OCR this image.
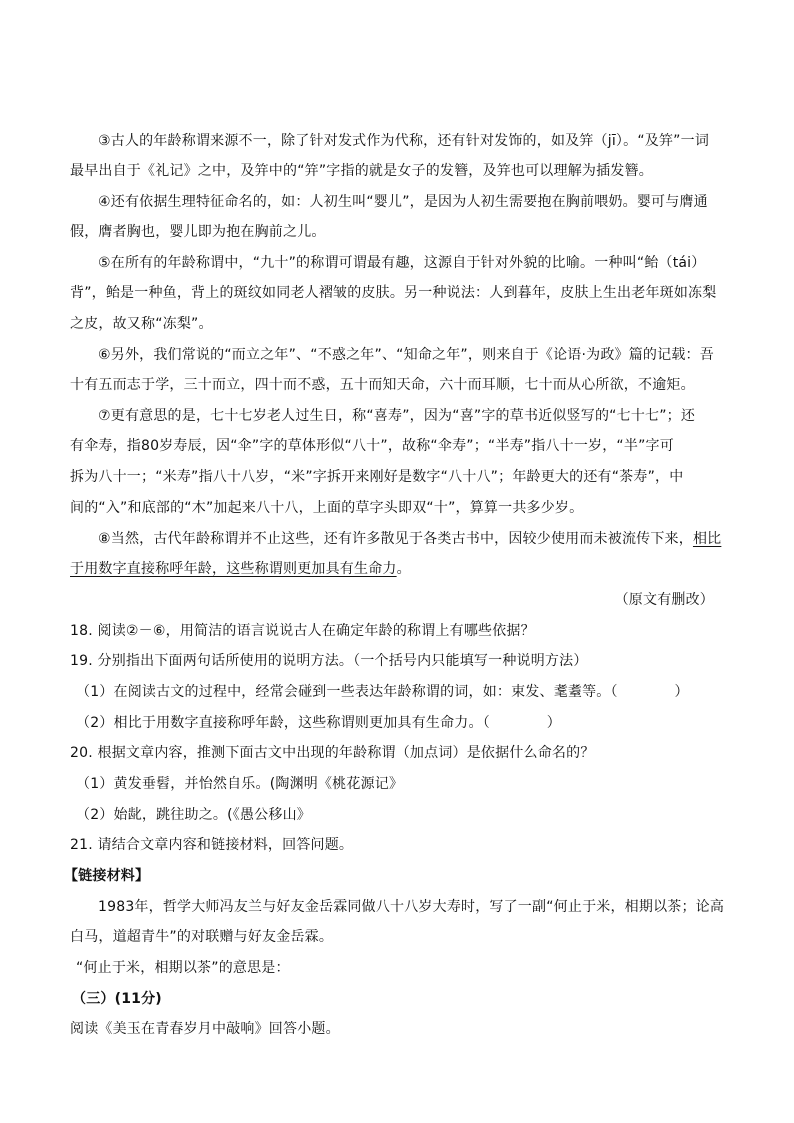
③古人的年龄称谓来源不一，除了针对发式作为代称，还有针对发饰的，如及笄（jī）。“及笄”一词
最早出自于《礼记》之中，及笄中的“笄”字指的就是女子的发簪，及笄也可以理解为插发簪。
④还有依据生理特征命名的，如：人初生叫“婴儿”，是因为人初生需要抱在胸前喂奶。婴可与膺通
假，膺者胸也，婴儿即为抱在胸前之儿。
⑤在所有的年龄称谓中，“九十”的称谓可谓最有趣，这源自于针对外貌的比喻。一种叫“鲐（tái）
背”，鲐是一种鱼，背上的斑纹如同老人褶皱的皮肤。另一种说法：人到暮年，皮肤上生出老年斑如冻梨
之皮，故又称“冻梨”。
⑥另外，我们常说的“而立之年”、“不惑之年”、“知命之年”，则来自于《论语·为政》篇的记载：吾
十有五而志于学，三十而立，四十而不惑，五十而知天命，六十而耳顺，七十而从心所欲，不逾矩。
⑦更有意思的是，七十七岁老人过生日，称“喜寿”，因为“喜”字的草书近似竖写的“七十七”；还
有伞寿，指80岁寿辰，因“伞”字的草体形似“八十”，故称“伞寿”；“半寿”指八十一岁，“半”字可
拆为八十一；“米寿”指八十八岁，“米”字拆开来刚好是数字“八十八”；年龄更大的还有“茶寿”，中
间的“入”和底部的“木”加起来八十八，上面的草字头即双“十”，算算一共多少岁。
⑧当然，古代年龄称谓并不止这些，还有许多散见于各类古书中，因较少使用而未被流传下来，相比
于用数字直接称呼年龄，这些称谓则更加具有生命力。
（原文有删改）
18. 阅读②－⑥，用简洁的语言说说古人在确定年龄的称谓上有哪些依据？
19. 分别指出下面两句话所使用的说明方法。（一个括号内只能填写一种说明方法）
（1）在阅读古文的过程中，经常会碰到一些表达年龄称谓的词，如：束发、耄耋等。（　　　　）
（2）相比于用数字直接称呼年龄，这些称谓则更加具有生命力。（　　　　）
20. 根据文章内容，推测下面古文中出现的年龄称谓（加点词）是依据什么命名的？
（1）黄发垂髫，并怡然自乐。(陶渊明《桃花源记》
（2）始龀，跳往助之。(《愚公移山》
21. 请结合文章内容和链接材料，回答问题。
【链接材料】
1983年，哲学大师冯友兰与好友金岳霖同做八十八岁大寿时，写了一副“何止于米，相期以茶；论高
白马，道超青牛”的对联赠与好友金岳霖。
“何止于米，相期以茶”的意思是：
（三）(11分)
阅读《美玉在青春岁月中敲响》回答小题。
